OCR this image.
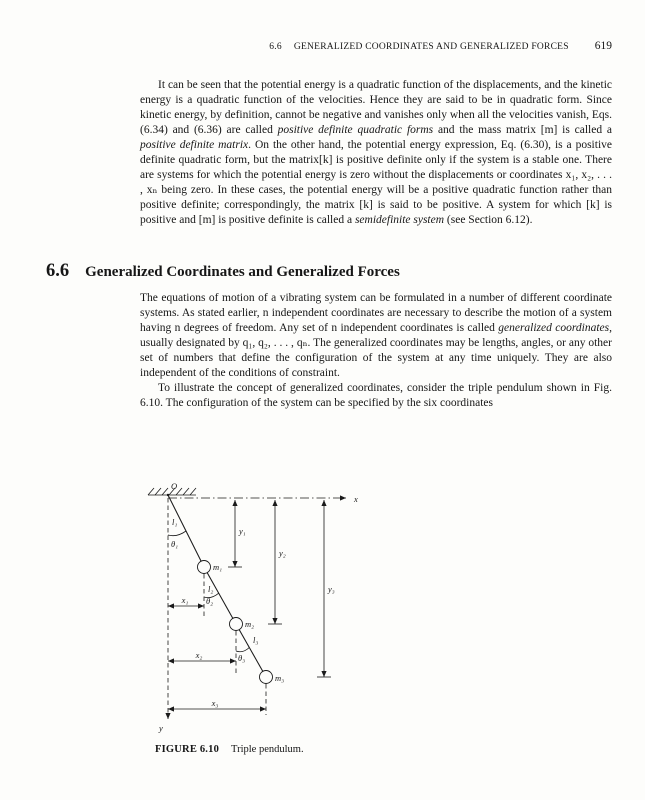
6.6 GENERALIZED COORDINATES AND GENERALIZED FORCES 619

It can be seen that the potential energy is a quadratic function of the displacements, and the kinetic energy is a quadratic function of the velocities. Hence they are said to be in quadratic form. Since kinetic energy, by definition, cannot be negative and vanishes only when all the velocities vanish, Eqs. (6.34) and (6.36) are called positive definite quadratic forms and the mass matrix [m] is called a positive definite matrix. On the other hand, the potential energy expression, Eq. (6.30), is a positive definite quadratic form, but the matrix[k] is positive definite only if the system is a stable one. There are systems for which the potential energy is zero without the displacements or coordinates x₁, x₂, . . . , xₙ being zero. In these cases, the potential energy will be a positive quadratic function rather than positive definite; correspondingly, the matrix [k] is said to be positive. A system for which [k] is positive and [m] is positive definite is called a semidefinite system (see Section 6.12).

6.6 Generalized Coordinates and Generalized Forces

The equations of motion of a vibrating system can be formulated in a number of different coordinate systems. As stated earlier, n independent coordinates are necessary to describe the motion of a system having n degrees of freedom. Any set of n independent coordinates is called generalized coordinates, usually designated by q₁, q₂, . . . , qₙ. The generalized coordinates may be lengths, angles, or any other set of numbers that define the configuration of the system at any time uniquely. They are also independent of the conditions of constraint.

To illustrate the concept of generalized coordinates, consider the triple pendulum shown in Fig. 6.10. The configuration of the system can be specified by the six coordinates

O
x
y
θ₁
θ₂
θ₃
l₁
l₂
l₃
y₁
y₂
y₃
x₁
x₂
x₃
m₁
m₂
m₃
FIGURE 6.10 Triple pendulum.
